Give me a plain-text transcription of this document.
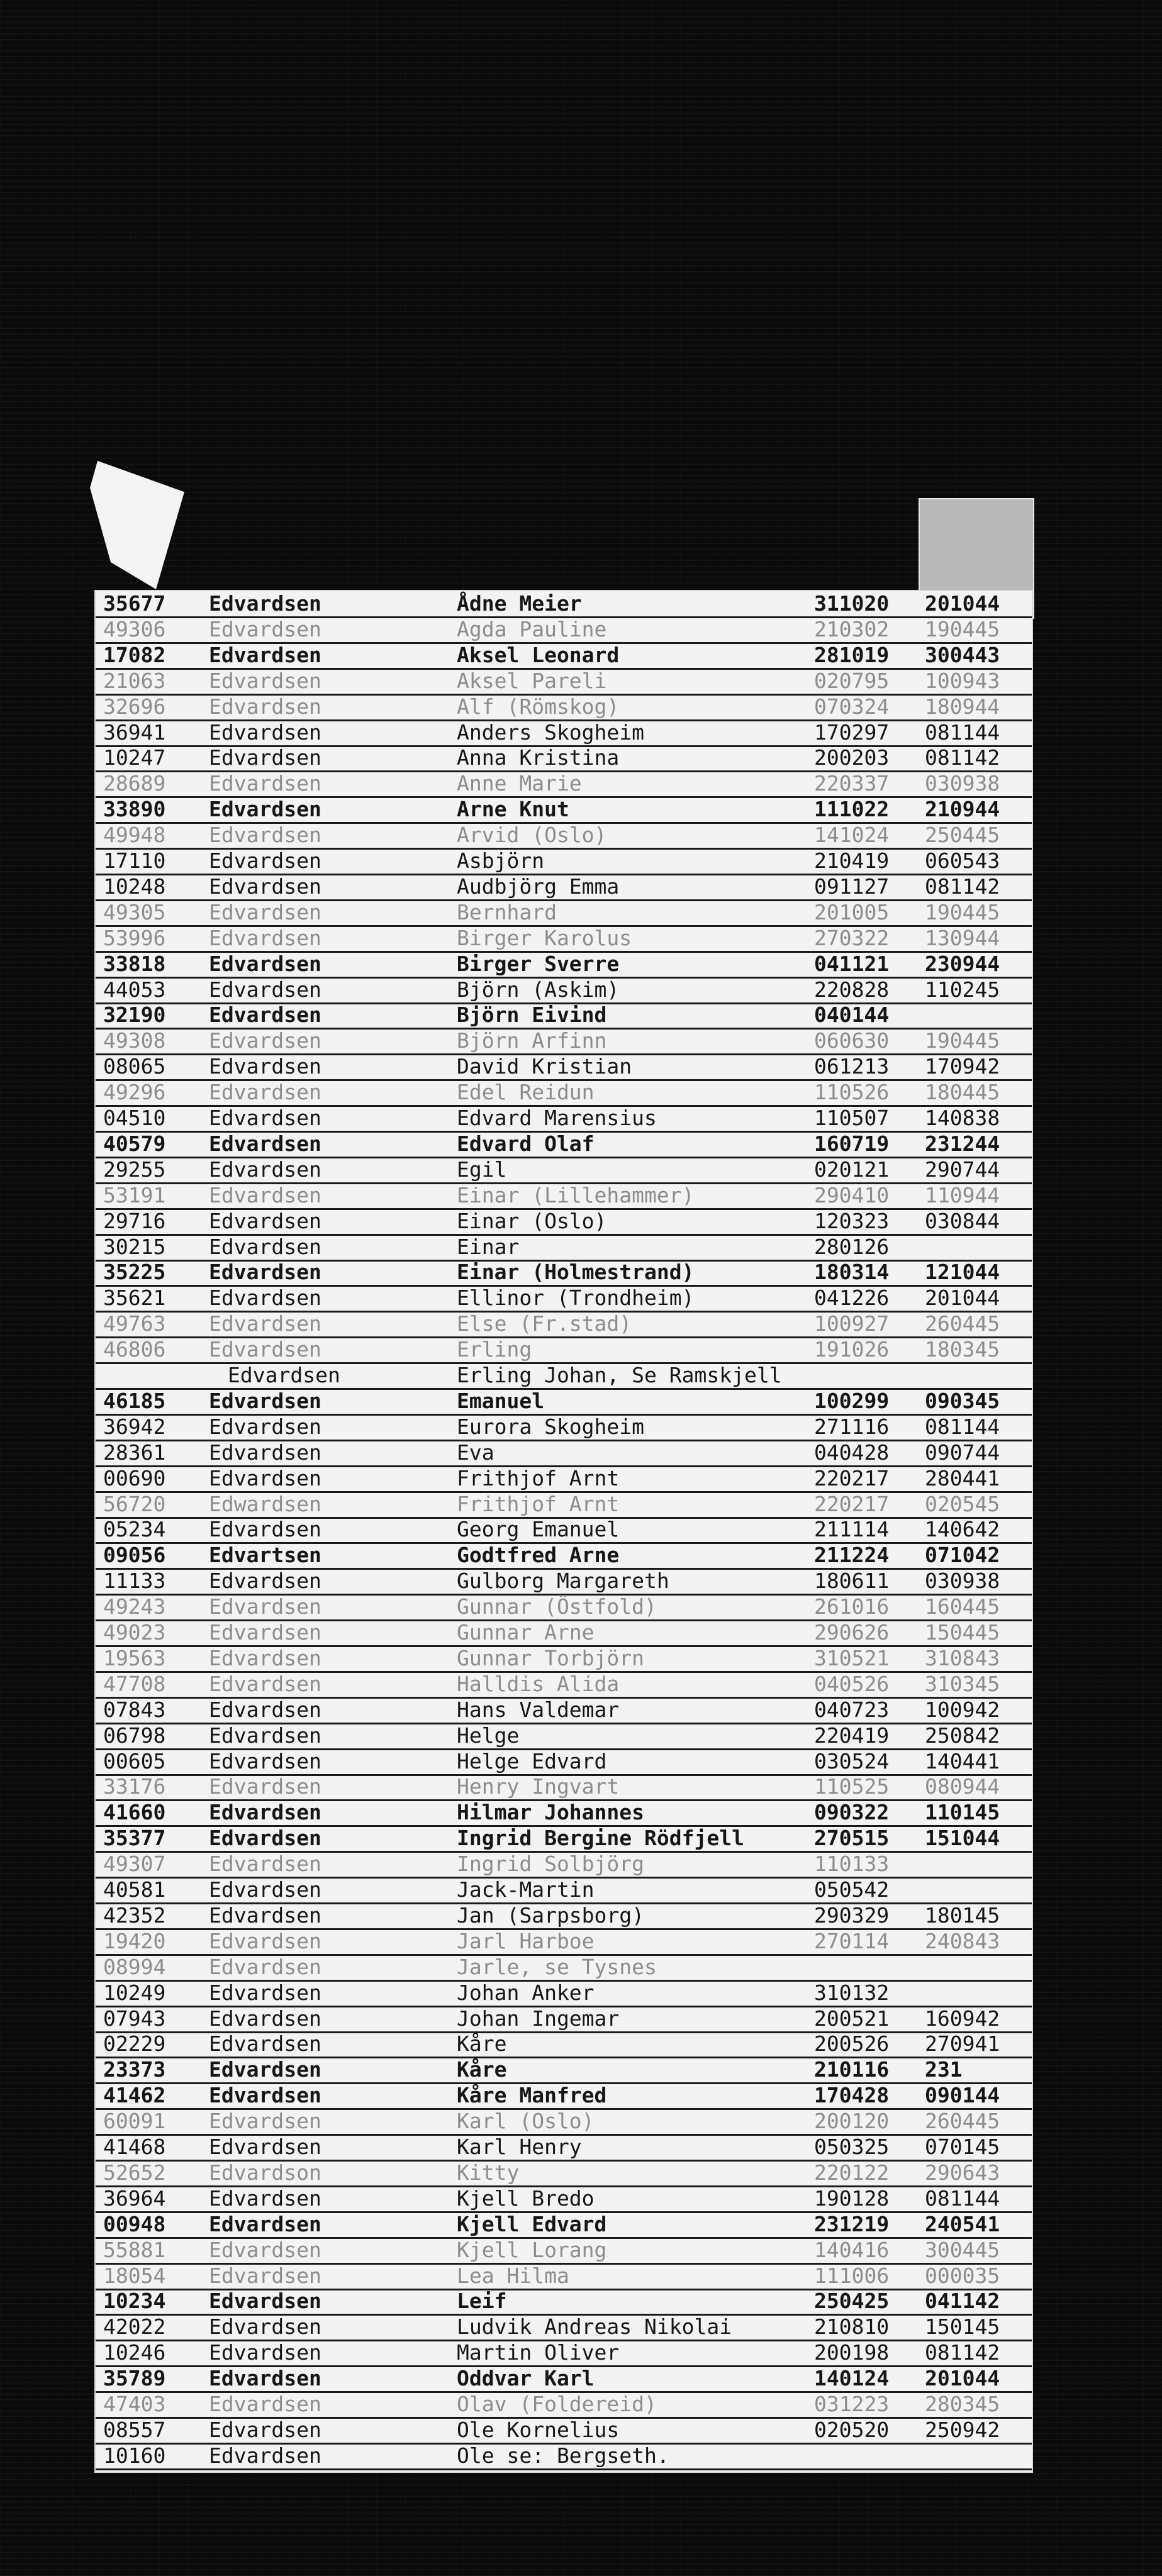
35677 Edvardsen	Ådne Meier	311020 201044
49306 Edvardsen	Agda Pauline	210302 190445
17082 Edvardsen	Aksel Leonard	281019 300443
21063 Edvardsen	Aksel Pareli	020795 100943
32696 Edvardsen	Alf (Römskog)	070324 180944
36941 Edvardsen	Anders Skogheim	170297 081144
10247 Edvardsen	Anna Kristina	200203 081142
28689 Edvardsen	Anne Marie	220337 030938
33890 Edvardsen	Arne Knut	111022 210944
49948 Edvardsen	Arvid (Oslo)	141024 250445
17110 Edvardsen	Asbjörn	210419 060543
10248 Edvardsen	Audbjörg Emma	091127 081142
49305 Edvardsen	Bernhard	201005 190445
53996 Edvardsen	Birger Karolus	270322 130944
33818 Edvardsen	Birger Sverre	041121 230944
44053 Edvardsen	Björn (Askim)	220828 110245
32190 Edvardsen	Björn Eivind	040144
49308 Edvardsen	Björn Arfinn	060630 190445
08065 Edvardsen	David Kristian	061213 170942
49296 Edvardsen	Edel Reidun	110526 180445
04510 Edvardsen	Edvard Marensius	110507 140838
40579 Edvardsen	Edvard Olaf	160719 231244
29255 Edvardsen	Egil	020121 290744
53191 Edvardsen	Einar (Lillehammer)	290410 110944
29716 Edvardsen	Einar (Oslo)	120323 030844
30215 Edvardsen	Einar	280126
35225 Edvardsen	Einar (Holmestrand)	180314 121044
35621 Edvardsen	Ellinor (Trondheim)	041226 201044
49763 Edvardsen	Else (Fr.stad)	100927 260445
46806 Edvardsen	Erling	191026 180345
Edvardsen	Erling Johan, Se Ramskjell
46185 Edvardsen	Emanuel	100299 090345
36942 Edvardsen	Eurora Skogheim	271116 081144
28361 Edvardsen	Eva	040428 090744
00690 Edvardsen	Frithjof Arnt	220217 280441
56720 Edwardsen	Frithjof Arnt	220217 020545
05234 Edvardsen	Georg Emanuel	211114 140642
09056 Edvartsen	Godtfred Arne	211224 071042
11133 Edvardsen	Gulborg Margareth	180611 030938
49243 Edvardsen	Gunnar (Östfold)	261016 160445
49023 Edvardsen	Gunnar Arne	290626 150445
19563 Edvardsen	Gunnar Torbjörn	310521 310843
47708 Edvardsen	Halldis Alida	040526 310345
07843 Edvardsen	Hans Valdemar	040723 100942
06798 Edvardsen	Helge	220419 250842
00605 Edvardsen	Helge Edvard	030524 140441
33176 Edvardsen	Henry Ingvart	110525 080944
41660 Edvardsen	Hilmar Johannes	090322 110145
35377 Edvardsen	Ingrid Bergine Rödfjell	270515 151044
49307 Edvardsen	Ingrid Solbjörg	110133
40581 Edvardsen	Jack-Martin	050542
42352 Edvardsen	Jan (Sarpsborg)	290329 180145
19420 Edvardsen	Jarl Harboe	270114 240843
08994 Edvardsen	Jarle, se Tysnes
10249 Edvardsen	Johan Anker	310132
07943 Edvardsen	Johan Ingemar	200521 160942
02229 Edvardsen	Kåre	200526 270941
23373 Edvardsen	Kåre	210116 231
41462 Edvardsen	Kåre Manfred	170428 090144
60091 Edvardsen	Karl (Oslo)	200120 260445
41468 Edvardsen	Karl Henry	050325 070145
52652 Edvardson	Kitty	220122 290643
36964 Edvardsen	Kjell Bredo	190128 081144
00948 Edvardsen	Kjell Edvard	231219 240541
55881 Edvardsen	Kjell Lorang	140416 300445
18054 Edvardsen	Lea Hilma	111006 000035
10234 Edvardsen	Leif	250425 041142
42022 Edvardsen	Ludvik Andreas Nikolai	210810 150145
10246 Edvardsen	Martin Oliver	200198 081142
35789 Edvardsen	Oddvar Karl	140124 201044
47403 Edvardsen	Olav (Foldereid)	031223 280345
08557 Edvardsen	Ole Kornelius	020520 250942
10160 Edvardsen	Ole se: Bergseth.
